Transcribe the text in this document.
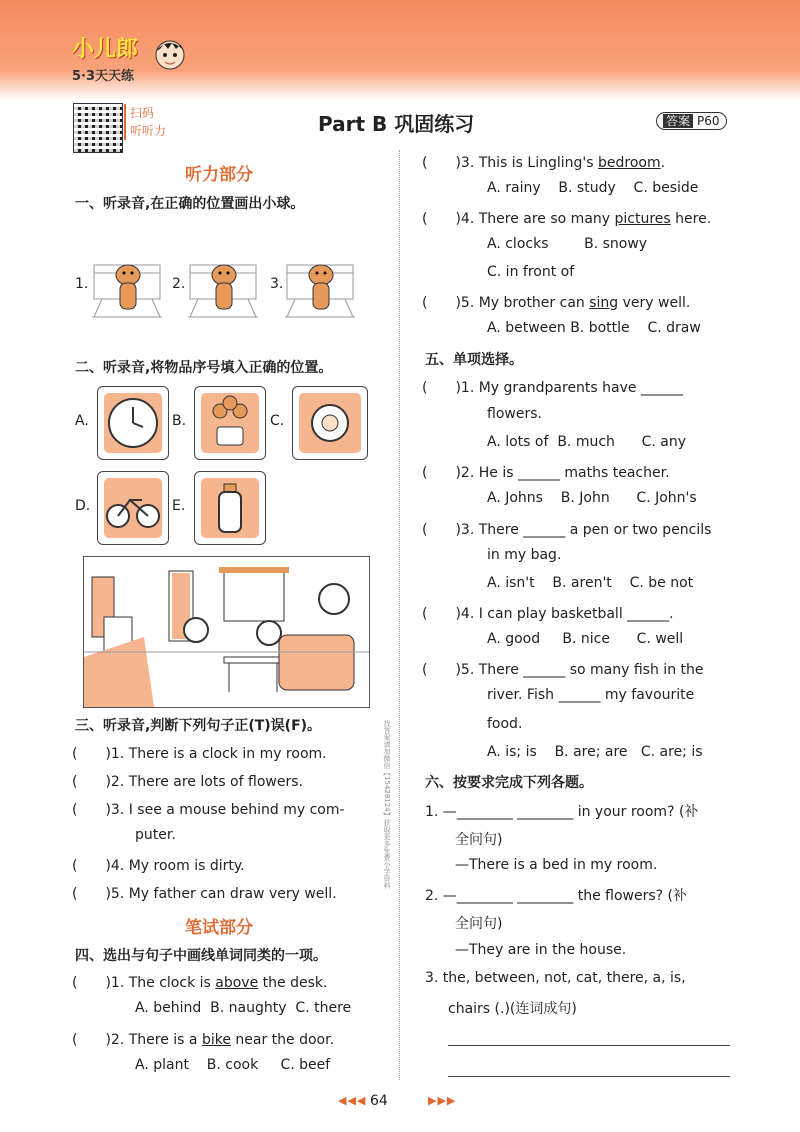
小儿郎
5·3天天练
扫码
听听力	Part B 巩固练习	答案 P60
找答案请加微信【15428124】获取更多免费小学资料
听力部分
一、听录音,在正确的位置画出小球。
1.	2.	3.
二、听录音,将物品序号填入正确的位置。
A.	B.	C.
D.	E.
三、听录音,判断下列句子正(T)误(F)。
(　　)1. There is a clock in my room.
(　　)2. There are lots of flowers.
(　　)3. I see a mouse behind my com-
puter.
(　　)4. My room is dirty.
(　　)5. My father can draw very well.
笔试部分
四、选出与句子中画线单词同类的一项。
(　　)1. The clock is above the desk.
A. behind  B. naughty  C. there
(　　)2. There is a bike near the door.
A. plant    B. cook     C. beef
(　　)3. This is Lingling's bedroom.
A. rainy    B. study    C. beside
(　　)4. There are so many pictures here.
A. clocks        B. snowy
C. in front of
(　　)5. My brother can sing very well.
A. between B. bottle    C. draw
五、单项选择。
(　　)1. My grandparents have ______
flowers.
A. lots of  B. much      C. any
(　　)2. He is ______ maths teacher.
A. Johns    B. John      C. John's
(　　)3. There ______ a pen or two pencils
in my bag.
A. isn't    B. aren't    C. be not
(　　)4. I can play basketball ______.
A. good     B. nice      C. well
(　　)5. There ______ so many fish in the
river. Fish ______ my favourite
food.
A. is; is    B. are; are   C. are; is
六、按要求完成下列各题。
1. —________ ________ in your room? (补
全问句)
—There is a bed in my room.
2. —________ ________ the flowers? (补
全问句)
—They are in the house.
3. the, between, not, cat, there, a, is,
chairs (.)(连词成句)
◀◀◀ 64	▶▶▶
